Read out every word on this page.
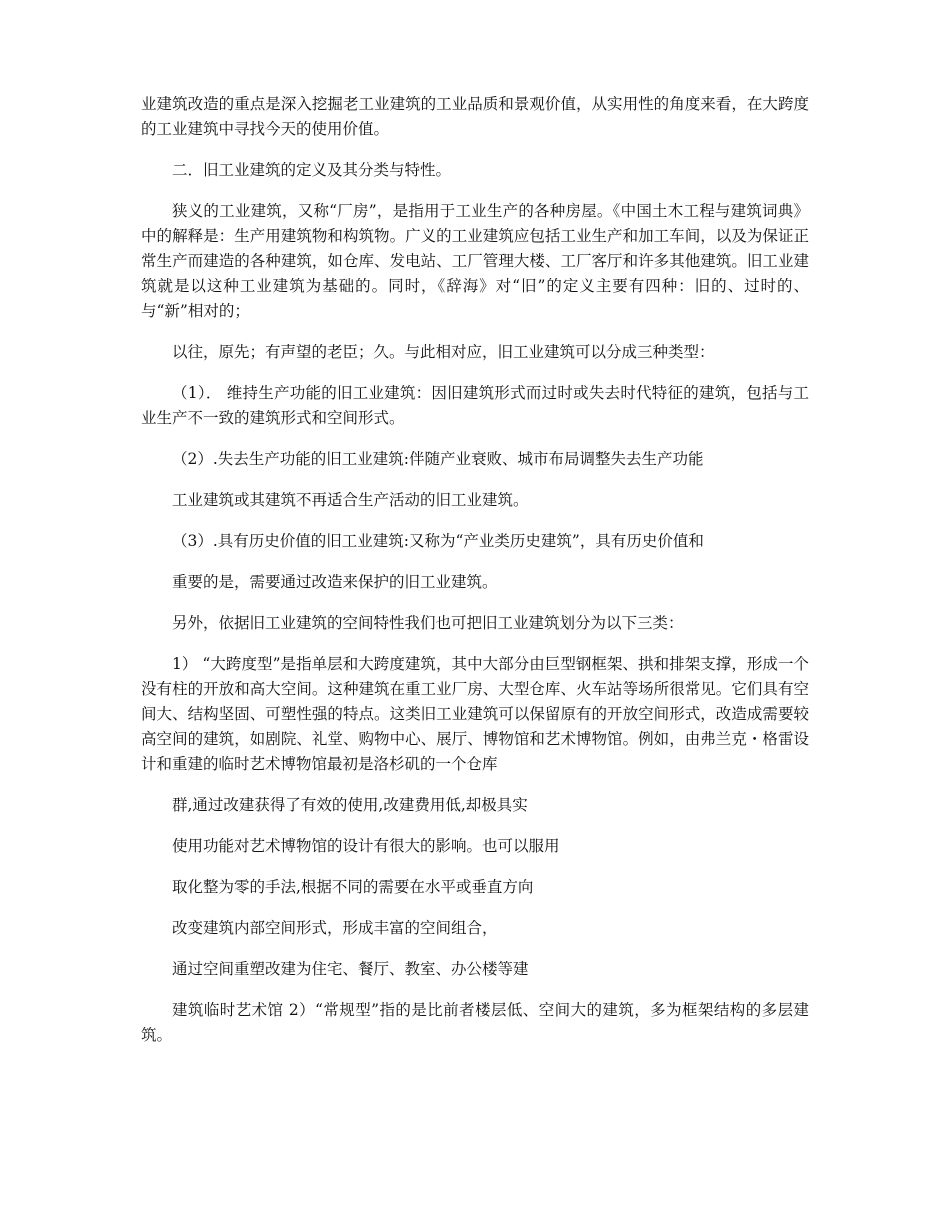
业建筑改造的重点是深入挖掘老工业建筑的工业品质和景观价值，从实用性的角度来看，在大跨度的工业建筑中寻找今天的使用价值。

二．旧工业建筑的定义及其分类与特性。

狭义的工业建筑，又称“厂房”，是指用于工业生产的各种房屋。《中国土木工程与建筑词典》中的解释是：生产用建筑物和构筑物。广义的工业建筑应包括工业生产和加工车间，以及为保证正常生产而建造的各种建筑，如仓库、发电站、工厂管理大楼、工厂客厅和许多其他建筑。旧工业建筑就是以这种工业建筑为基础的。同时，《辞海》对“旧”的定义主要有四种：旧的、过时的、与“新”相对的；

以往，原先；有声望的老臣；久。与此相对应，旧工业建筑可以分成三种类型：

（1）． 维持生产功能的旧工业建筑：因旧建筑形式而过时或失去时代特征的建筑，包括与工业生产不一致的建筑形式和空间形式。

（2）.失去生产功能的旧工业建筑:伴随产业衰败、城市布局调整失去生产功能

工业建筑或其建筑不再适合生产活动的旧工业建筑。

（3）.具有历史价值的旧工业建筑:又称为“产业类历史建筑”，具有历史价值和

重要的是，需要通过改造来保护的旧工业建筑。

另外，依据旧工业建筑的空间特性我们也可把旧工业建筑划分为以下三类：

1） “大跨度型”是指单层和大跨度建筑，其中大部分由巨型钢框架、拱和排架支撑，形成一个没有柱的开放和高大空间。这种建筑在重工业厂房、大型仓库、火车站等场所很常见。它们具有空间大、结构坚固、可塑性强的特点。这类旧工业建筑可以保留原有的开放空间形式，改造成需要较高空间的建筑，如剧院、礼堂、购物中心、展厅、博物馆和艺术博物馆。例如，由弗兰克・格雷设计和重建的临时艺术博物馆最初是洛杉矶的一个仓库

群,通过改建获得了有效的使用,改建费用低,却极具实

使用功能对艺术博物馆的设计有很大的影响。也可以服用

取化整为零的手法,根据不同的需要在水平或垂直方向

改变建筑内部空间形式，形成丰富的空间组合，

通过空间重塑改建为住宅、餐厅、教室、办公楼等建

建筑临时艺术馆 2）“常规型”指的是比前者楼层低、空间大的建筑，多为框架结构的多层建筑。
